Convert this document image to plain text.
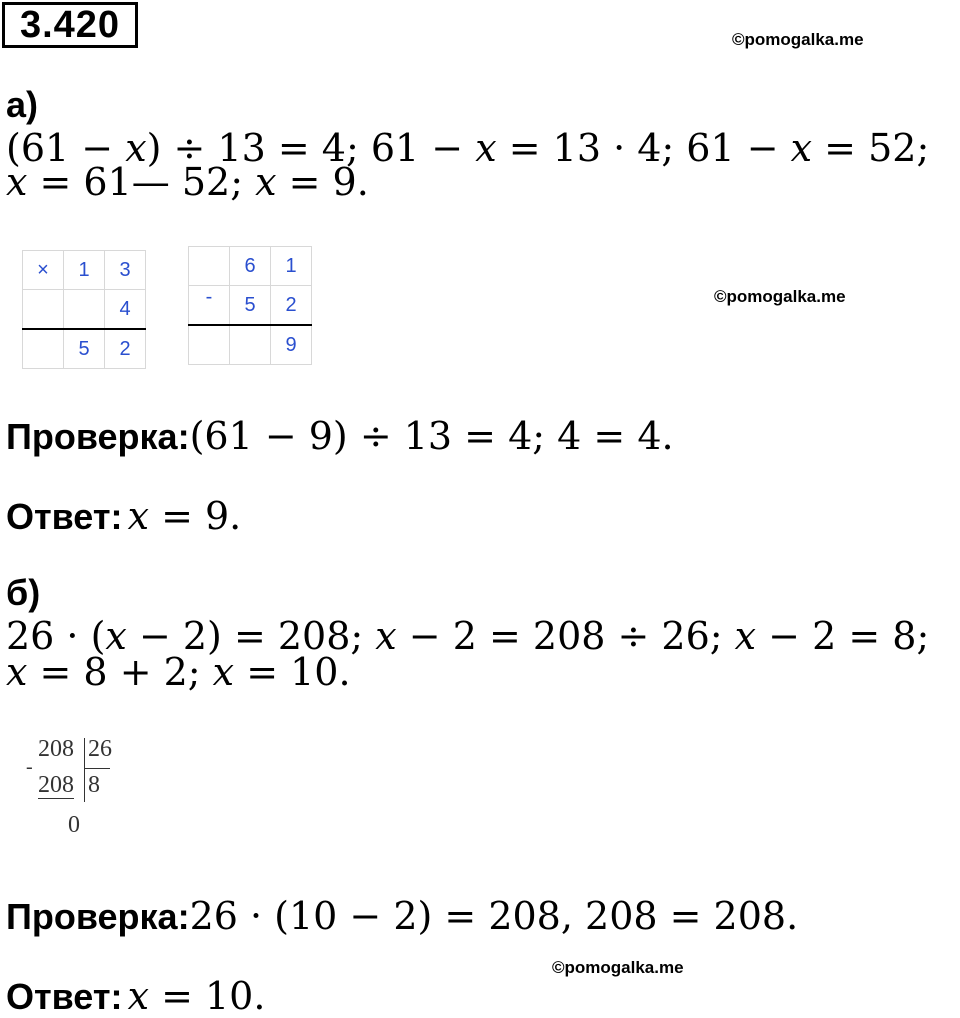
3.420	©pomogalka.me
а) (61 − x) ÷ 13 = 4; 61 − x = 13 · 4; 61 − x = 52;
x = 61— 52; x = 9.
×	1	3
		4
	5	2
	6	1
-	5	2
		9
©pomogalka.me
Проверка:(61 − 9) ÷ 13 = 4; 4 = 4.
Ответ: x = 9.
б) 26 · (x − 2) = 208; x − 2 = 208 ÷ 26; x − 2 = 8;
x = 8 + 2; x = 10.
208 26
-
208 8
0
Проверка:26 · (10 − 2) = 208, 208 = 208.
©pomogalka.me
Ответ: x = 10.
